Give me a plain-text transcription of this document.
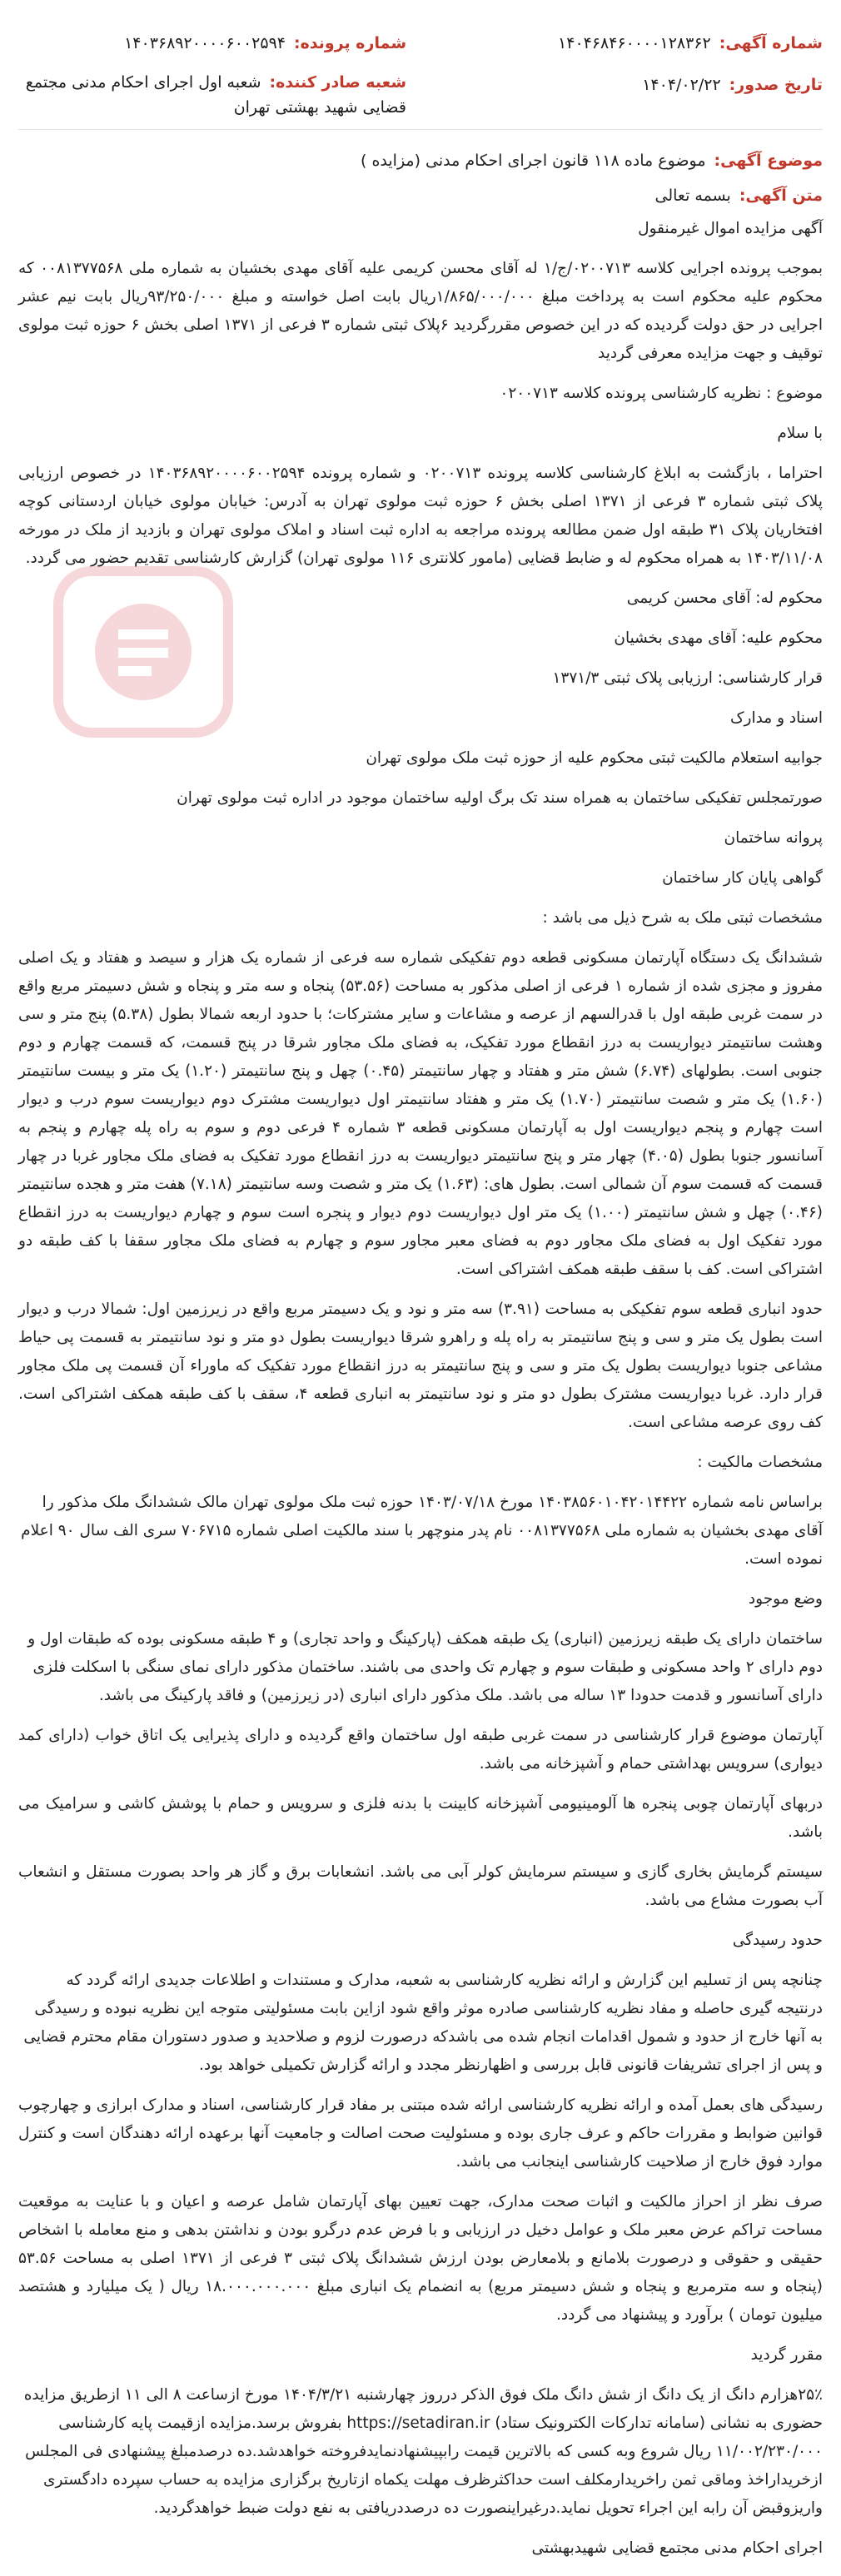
شماره آگهی:۱۴۰۴۶۸۴۶۰۰۰۰۱۲۸۳۶۲
تاریخ صدور:۱۴۰۴/۰۲/۲۲
شماره پرونده:۱۴۰۳۶۸۹۲۰۰۰۰۶۰۰۲۵۹۴
شعبه صادر کننده:شعبه اول اجرای احکام مدنی مجتمع قضایی شهید بهشتی تهران
موضوع آگهی:موضوع ماده ۱۱۸ قانون اجرای احکام مدنی (مزایده )
متن آگهی:بسمه تعالی
آگهی مزایده اموال غیرمنقول
بموجب پرونده اجرایی کلاسه ۰۲۰۰۷۱۳/ج/۱ له آقای محسن کریمی علیه آقای مهدی بخشیان به شماره ملی ۰۰۸۱۳۷۷۵۶۸ که محکوم علیه محکوم است به پرداخت مبلغ ۱/۸۶۵/۰۰۰/۰۰۰ریال بابت اصل خواسته و مبلغ ۹۳/۲۵۰/۰۰۰ریال بابت نیم عشر اجرایی در حق دولت گردیده که در این خصوص مقررگردید ۶پلاک ثبتی شماره ۳ فرعی از ۱۳۷۱ اصلی بخش ۶ حوزه ثبت مولوی توقیف و جهت مزایده معرفی گردید
موضوع : نظریه کارشناسی پرونده کلاسه ۰۲۰۰۷۱۳
با سلام
احتراما ، بازگشت به ابلاغ کارشناسی کلاسه پرونده ۰۲۰۰۷۱۳ و شماره پرونده ۱۴۰۳۶۸۹۲۰۰۰۰۶۰۰۲۵۹۴ در خصوص ارزیابی پلاک ثبتی شماره ۳ فرعی از ۱۳۷۱ اصلی بخش ۶ حوزه ثبت مولوی تهران به آدرس: خیابان مولوی خیابان اردستانی کوچه افتخاریان پلاک ۳۱ طبقه اول ضمن مطالعه پرونده مراجعه به اداره ثبت اسناد و املاک مولوی تهران و بازدید از ملک در مورخه ۱۴۰۳/۱۱/۰۸ به همراه محکوم له و ضابط قضایی (مامور کلانتری ۱۱۶ مولوی تهران) گزارش کارشناسی تقدیم حضور می گردد.
محکوم له: آقای محسن کریمی
محکوم علیه: آقای مهدی بخشیان
قرار کارشناسی: ارزیابی پلاک ثبتی ۱۳۷۱/۳
اسناد و مدارک
جوابیه استعلام مالکیت ثبتی محکوم علیه از حوزه ثبت ملک مولوی تهران
صورتمجلس تفکیکی ساختمان به همراه سند تک برگ اولیه ساختمان موجود در اداره ثبت مولوی تهران
پروانه ساختمان
گواهی پایان کار ساختمان
مشخصات ثبتی ملک به شرح ذیل می باشد :
ششدانگ یک دستگاه آپارتمان مسکونی قطعه دوم تفکیکی شماره سه فرعی از شماره یک هزار و سیصد و هفتاد و یک اصلی مفروز و مجزی شده از شماره ۱ فرعی از اصلی مذکور به مساحت (۵۳.۵۶) پنجاه و سه متر و پنجاه و شش دسیمتر مربع واقع در سمت غربی طبقه اول با قدرالسهم از عرصه و مشاعات و سایر مشترکات؛ با حدود اربعه شمالا بطول (۵.۳۸) پنج متر و سی وهشت سانتیمتر دیواریست به درز انقطاع مورد تفکیک، به فضای ملک مجاور شرقا در پنج قسمت، که قسمت چهارم و دوم جنوبی است. بطولهای (۶.۷۴) شش متر و هفتاد و چهار سانتیمتر (۰.۴۵) چهل و پنج سانتیمتر (۱.۲۰) یک متر و بیست سانتیمتر (۱.۶۰) یک متر و شصت سانتیمتر (۱.۷۰) یک متر و هفتاد سانتیمتر اول دیواریست مشترک دوم دیواریست سوم درب و دیوار است چهارم و پنجم دیواریست اول به آپارتمان مسکونی قطعه ۳ شماره ۴ فرعی دوم و سوم به راه پله چهارم و پنجم به آسانسور جنوبا بطول (۴.۰۵) چهار متر و پنج سانتیمتر دیواریست به درز انقطاع مورد تفکیک به فضای ملک مجاور غربا در چهار قسمت که قسمت سوم آن شمالی است. بطول های: (۱.۶۳) یک متر و شصت وسه سانتیمتر (۷.۱۸) هفت متر و هجده سانتیمتر (۰.۴۶) چهل و شش سانتیمتر (۱.۰۰) یک متر اول دیواریست دوم دیوار و پنجره است سوم و چهارم دیواریست به درز انقطاع مورد تفکیک اول به فضای ملک مجاور دوم به فضای معبر مجاور سوم و چهارم به فضای ملک مجاور سقفا با کف طبقه دو اشتراکی است. کف با سقف طبقه همکف اشتراکی است.
حدود انباری قطعه سوم تفکیکی به مساحت (۳.۹۱) سه متر و نود و یک دسیمتر مربع واقع در زیرزمین اول: شمالا درب و دیوار است بطول یک متر و سی و پنج سانتیمتر به راه پله و راهرو شرقا دیواریست بطول دو متر و نود سانتیمتر به قسمت پی حیاط مشاعی جنوبا دیواریست بطول یک متر و سی و پنج سانتیمتر به درز انقطاع مورد تفکیک که ماوراء آن قسمت پی ملک مجاور قرار دارد. غربا دیواریست مشترک بطول دو متر و نود سانتیمتر به انباری قطعه ۴، سقف با کف طبقه همکف اشتراکی است. کف روی عرصه مشاعی است.
مشخصات مالکیت :
براساس نامه شماره ۱۴۰۳۸۵۶۰۱۰۴۲۰۱۴۴۲۲ مورخ ۱۴۰۳/۰۷/۱۸ حوزه ثبت ملک مولوی تهران مالک ششدانگ ملک مذکور را آقای مهدی بخشیان به شماره ملی ۰۰۸۱۳۷۷۵۶۸ نام پدر منوچهر با سند مالکیت اصلی شماره ۷۰۶۷۱۵ سری الف سال ۹۰ اعلام نموده است.
وضع موجود
ساختمان دارای یک طبقه زیرزمین (انباری) یک طبقه همکف (پارکینگ و واحد تجاری) و ۴ طبقه مسکونی بوده که طبقات اول و دوم دارای ۲ واحد مسکونی و طبقات سوم و چهارم تک واحدی می باشند. ساختمان مذکور دارای نمای سنگی با اسکلت فلزی دارای آسانسور و قدمت حدودا ۱۳ ساله می باشد. ملک مذکور دارای انباری (در زیرزمین) و فاقد پارکینگ می باشد.
آپارتمان موضوع قرار کارشناسی در سمت غربی طبقه اول ساختمان واقع گردیده و دارای پذیرایی یک اتاق خواب (دارای کمد دیواری) سرویس بهداشتی حمام و آشپزخانه می باشد.
دربهای آپارتمان چوبی پنجره ها آلومینیومی آشپزخانه کابینت با بدنه فلزی و سرویس و حمام با پوشش کاشی و سرامیک می باشد.
سیستم گرمایش بخاری گازی و سیستم سرمایش کولر آبی می باشد. انشعابات برق و گاز هر واحد بصورت مستقل و انشعاب آب بصورت مشاع می باشد.
حدود رسیدگی
چنانچه پس از تسلیم این گزارش و ارائه نظریه کارشناسی به شعبه، مدارک و مستندات و اطلاعات جدیدی ارائه گردد که درنتیجه گیری حاصله و مفاد نظریه کارشناسی صادره موثر واقع شود ازاین بابت مسئولیتی متوجه این نظریه نبوده و رسیدگی به آنها خارج از حدود و شمول اقدامات انجام شده می باشدکه درصورت لزوم و صلاحدید و صدور دستوران مقام محترم قضایی و پس از اجرای تشریفات قانونی قابل بررسی و اظهارنظر مجدد و ارائه گزارش تکمیلی خواهد بود.
رسیدگی های بعمل آمده و ارائه نظریه کارشناسی ارائه شده مبتنی بر مفاد قرار کارشناسی، اسناد و مدارک ابرازی و چهارچوب قوانین ضوابط و مقررات حاکم و عرف جاری بوده و مسئولیت صحت اصالت و جامعیت آنها برعهده ارائه دهندگان است و کنترل موارد فوق خارج از صلاحیت کارشناسی اینجانب می باشد.
صرف نظر از احراز مالکیت و اثبات صحت مدارک، جهت تعیین بهای آپارتمان شامل عرصه و اعیان و با عنایت به موقعیت مساحت تراکم عرض معبر ملک و عوامل دخیل در ارزیابی و با فرض عدم درگرو بودن و نداشتن بدهی و منع معامله با اشخاص حقیقی و حقوقی و درصورت بلامانع و بلامعارض بودن ارزش ششدانگ پلاک ثبتی ۳ فرعی از ۱۳۷۱ اصلی به مساحت ۵۳.۵۶ (پنجاه و سه مترمربع و پنجاه و شش دسیمتر مربع) به انضمام یک انباری مبلغ ۱۸.۰۰۰.۰۰۰.۰۰۰ ریال ( یک میلیارد و هشتصد میلیون تومان ) برآورد و پیشنهاد می گردد.
مقرر گردید
۲۵٪هزارم دانگ از یک دانگ از شش دانگ ملک فوق الذکر درروز چهارشنبه ۱۴۰۴/۳/۲۱ مورخ ازساعت ۸ الی ۱۱ ازطریق مزایده حضوری به نشانی (سامانه تدارکات الکترونیک ستاد) https://setadiran.ir بفروش برسد.مزایده ازقیمت پایه کارشناسی ۱۱/۰۰۲/۲۳۰/۰۰۰ ریال شروع وبه کسی که بالاترین قیمت رابپیشنهادنمایدفروخته خواهدشد.ده درصدمبلغ پیشنهادی فی المجلس ازخریداراخذ وماقی ثمن راخریدارمکلف است حداکثرظرف مهلت یکماه ازتاریخ برگزاری مزایده به حساب سپرده دادگستری واریزوقبض آن رابه این اجراء تحویل نماید.درغیراینصورت ده درصددریافتی به نفع دولت ضبط خواهدگردید.
اجرای احکام مدنی مجتمع قضایی شهیدبهشتی
